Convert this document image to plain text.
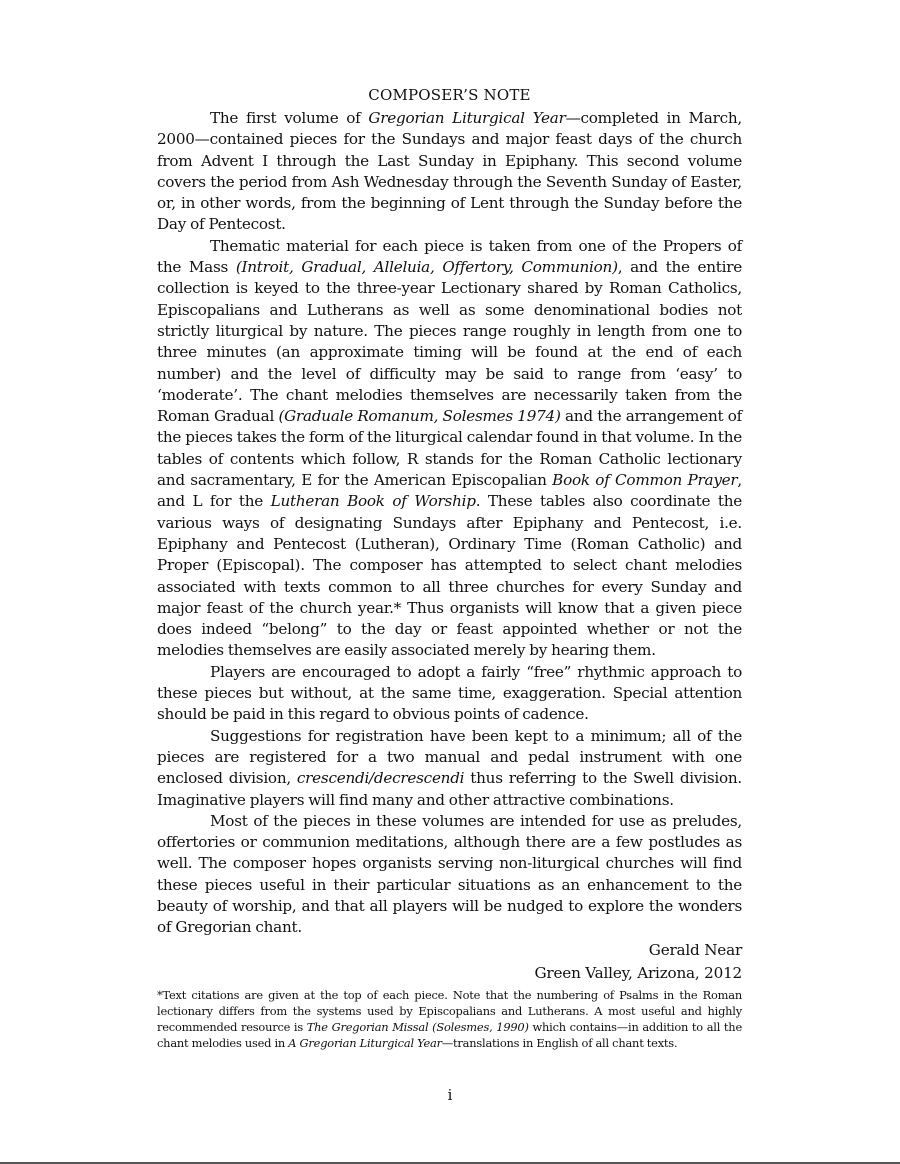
COMPOSER’S NOTE

The first volume of Gregorian Liturgical Year—completed in March, 2000—contained pieces for the Sundays and major feast days of the church from Advent I through the Last Sunday in Epiphany. This second volume covers the period from Ash Wednesday through the Seventh Sunday of Easter, or, in other words, from the beginning of Lent through the Sunday before the Day of Pentecost.

Thematic material for each piece is taken from one of the Propers of the Mass (Introit, Gradual, Alleluia, Offertory, Communion), and the entire collection is keyed to the three-year Lectionary shared by Roman Catholics, Episcopalians and Lutherans as well as some denominational bodies not strictly liturgical by nature. The pieces range roughly in length from one to three minutes (an approximate timing will be found at the end of each number) and the level of difficulty may be said to range from ‘easy’ to ‘moderate’. The chant melodies themselves are necessarily taken from the Roman Gradual (Graduale Romanum, Solesmes 1974) and the arrangement of the pieces takes the form of the liturgical calendar found in that volume. In the tables of contents which follow, R stands for the Roman Catholic lectionary and sacramentary, E for the American Episcopalian Book of Common Prayer, and L for the Lutheran Book of Worship. These tables also coordinate the various ways of designating Sundays after Epiphany and Pentecost, i.e. Epiphany and Pentecost (Lutheran), Ordinary Time (Roman Catholic) and Proper (Episcopal). The composer has attempted to select chant melodies associated with texts common to all three churches for every Sunday and major feast of the church year.* Thus organists will know that a given piece does indeed “belong” to the day or feast appointed whether or not the melodies themselves are easily associated merely by hearing them.

Players are encouraged to adopt a fairly “free” rhythmic approach to these pieces but without, at the same time, exaggeration. Special attention should be paid in this regard to obvious points of cadence.

Suggestions for registration have been kept to a minimum; all of the pieces are registered for a two manual and pedal instrument with one enclosed division, crescendi/decrescendi thus referring to the Swell division. Imaginative players will find many and other attractive combinations.

Most of the pieces in these volumes are intended for use as preludes, offertories or communion meditations, although there are a few postludes as well. The composer hopes organists serving non-liturgical churches will find these pieces useful in their particular situations as an enhancement to the beauty of worship, and that all players will be nudged to explore the wonders of Gregorian chant.

Gerald Near
Green Valley, Arizona, 2012
*Text citations are given at the top of each piece. Note that the numbering of Psalms in the Roman lectionary differs from the systems used by Episcopalians and Lutherans. A most useful and highly recommended resource is The Gregorian Missal (Solesmes, 1990) which contains—in addition to all the chant melodies used in A Gregorian Liturgical Year—translations in English of all chant texts.
i
